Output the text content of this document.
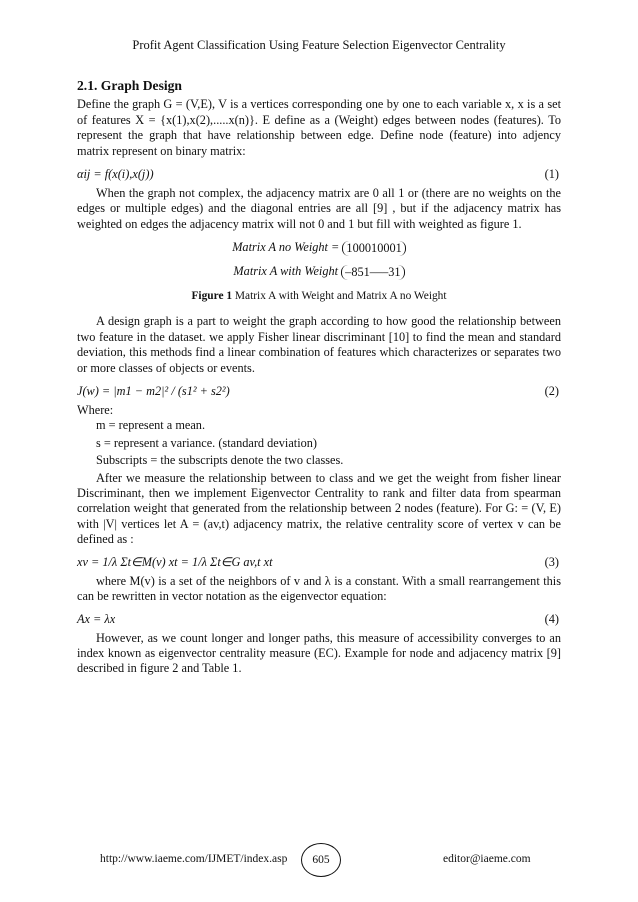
Profit Agent Classification Using Feature Selection Eigenvector Centrality
2.1. Graph Design

Define the graph G = (V,E), V is a vertices corresponding one by one to each variable x, x is a set of features X = {x(1),x(2),.....x(n)}. E define as a (Weight) edges between nodes (features). To represent the graph that have relationship between edge. Define node (feature) into adjency matrix represent on binary matrix:

αij = f(x(i),x(j))	(1)

When the graph not complex, the adjacency matrix are 0 all 1 or (there are no weights on the edges or multiple edges) and the diagonal entries are all [9] , but if the adjacency matrix has weighted on edges the adjacency matrix will not 0 and 1 but fill with weighted as figure 1.

Matrix A no Weight = 1	0	0	0	1	0	0	0	1
Matrix A with Weight –	8	5	1	–	–	–	3	1
Figure 1 Matrix A with Weight and Matrix A no Weight

A design graph is a part to weight the graph according to how good the relationship between two feature in the dataset. we apply Fisher linear discriminant [10] to find the mean and standard deviation, this methods find a linear combination of features which characterizes or separates two or more classes of objects or events.

J(w) = |m1 − m2|² / (s1² + s2²)	(2)

Where:

m = represent a mean.

s = represent a variance. (standard deviation)

Subscripts = the subscripts denote the two classes.

After we measure the relationship between to class and we get the weight from fisher linear Discriminant, then we implement Eigenvector Centrality to rank and filter data from spearman correlation weight that generated from the relationship between 2 nodes (feature). For G: = (V, E) with |V| vertices let A = (av,t) adjacency matrix, the relative centrality score of vertex v can be defined as :

xv = 1/λ Σt∈M(v) xt = 1/λ Σt∈G av,t xt	(3)

where M(v) is a set of the neighbors of v and λ is a constant. With a small rearrangement this can be rewritten in vector notation as the eigenvector equation:

Ax = λx	(4)

However, as we count longer and longer paths, this measure of accessibility converges to an index known as eigenvector centrality measure (EC). Example for node and adjacency matrix [9] described in figure 2 and Table 1.

http://www.iaeme.com/IJMET/index.asp	605	editor@iaeme.com
